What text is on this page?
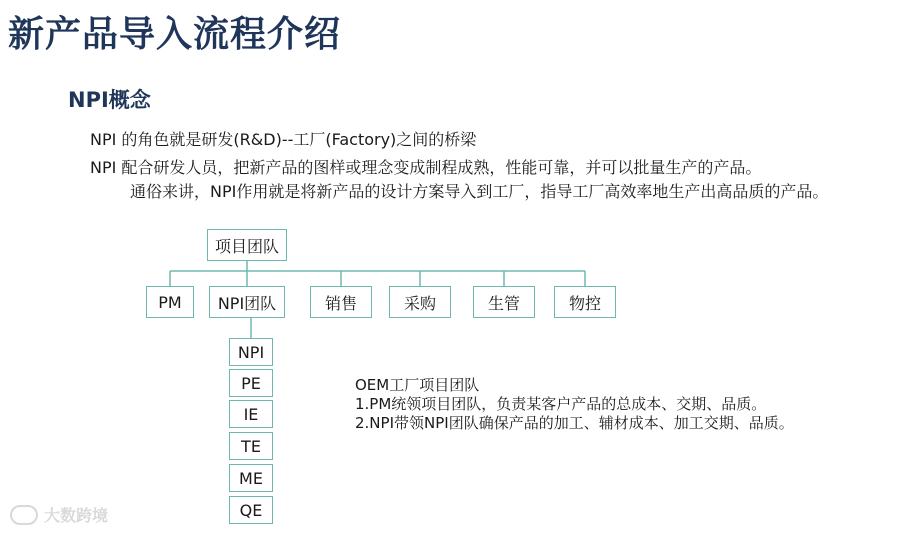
新产品导入流程介绍
NPI概念
NPI 的角色就是研发(R&D)--工厂(Factory)之间的桥梁
NPI 配合研发人员，把新产品的图样或理念变成制程成熟，性能可靠，并可以批量生产的产品。
通俗来讲，NPI作用就是将新产品的设计方案导入到工厂，指导工厂高效率地生产出高品质的产品。
项目团队
PM	NPI团队	销售	采购	生管	物控
NPI
PE
IE
TE
ME
QE
OEM工厂项目团队
1.PM统领项目团队，负责某客户产品的总成本、交期、品质。
2.NPI带领NPI团队确保产品的加工、辅材成本、加工交期、品质。
大数跨境
